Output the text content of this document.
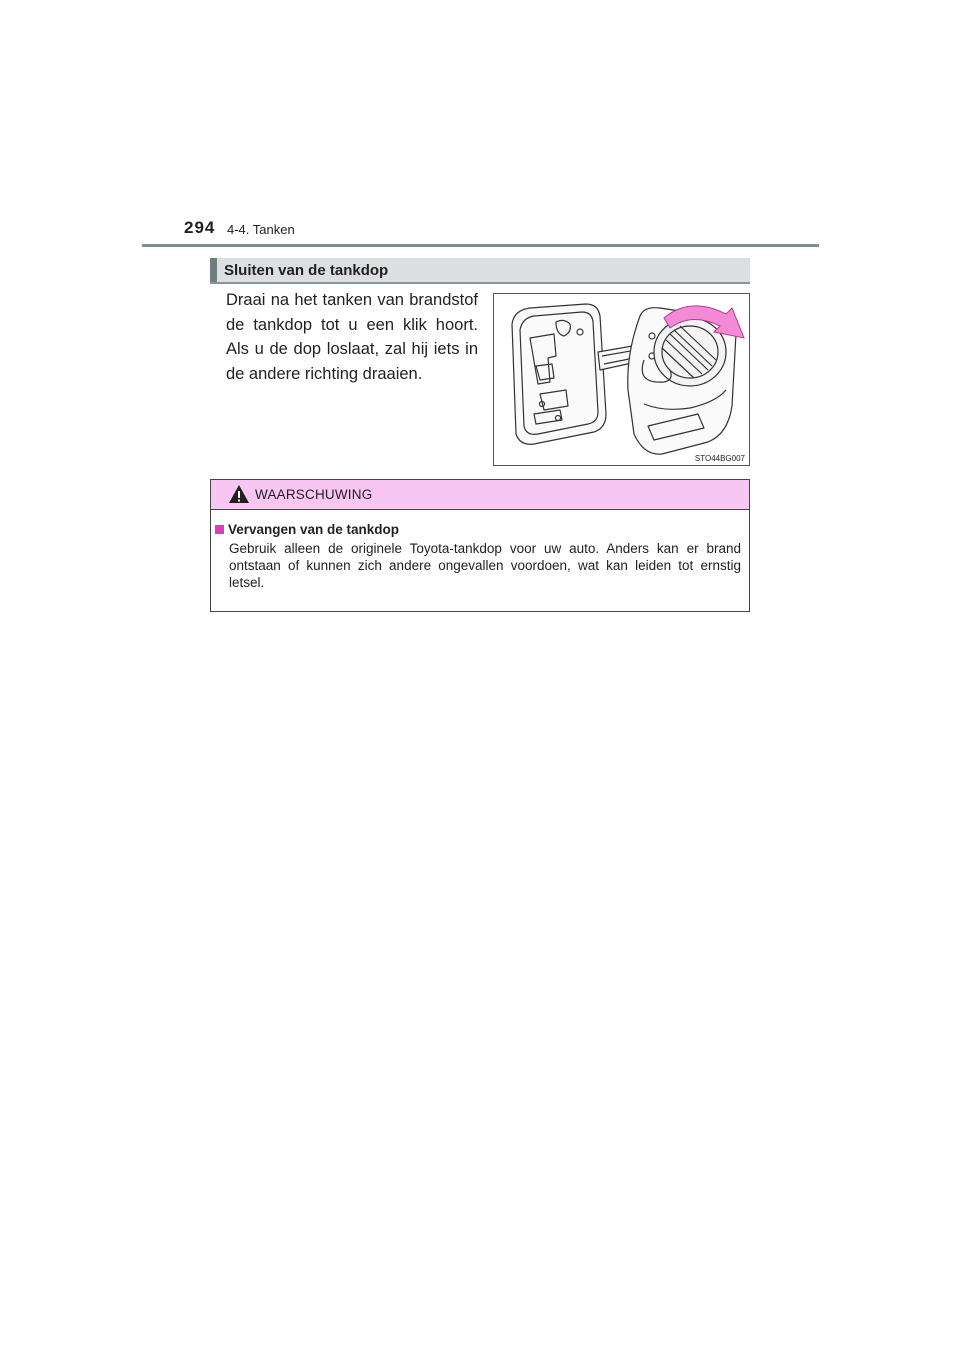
294 4-4. Tanken
Sluiten van de tankdop
Draai na het tanken van brandstof de tankdop tot u een klik hoort. Als u de dop loslaat, zal hij iets in de andere richting draaien.
STO44BG007
WAARSCHUWING
Vervangen van de tankdop
Gebruik alleen de originele Toyota-tankdop voor uw auto. Anders kan er brand ontstaan of kunnen zich andere ongevallen voordoen, wat kan leiden tot ernstig letsel.
